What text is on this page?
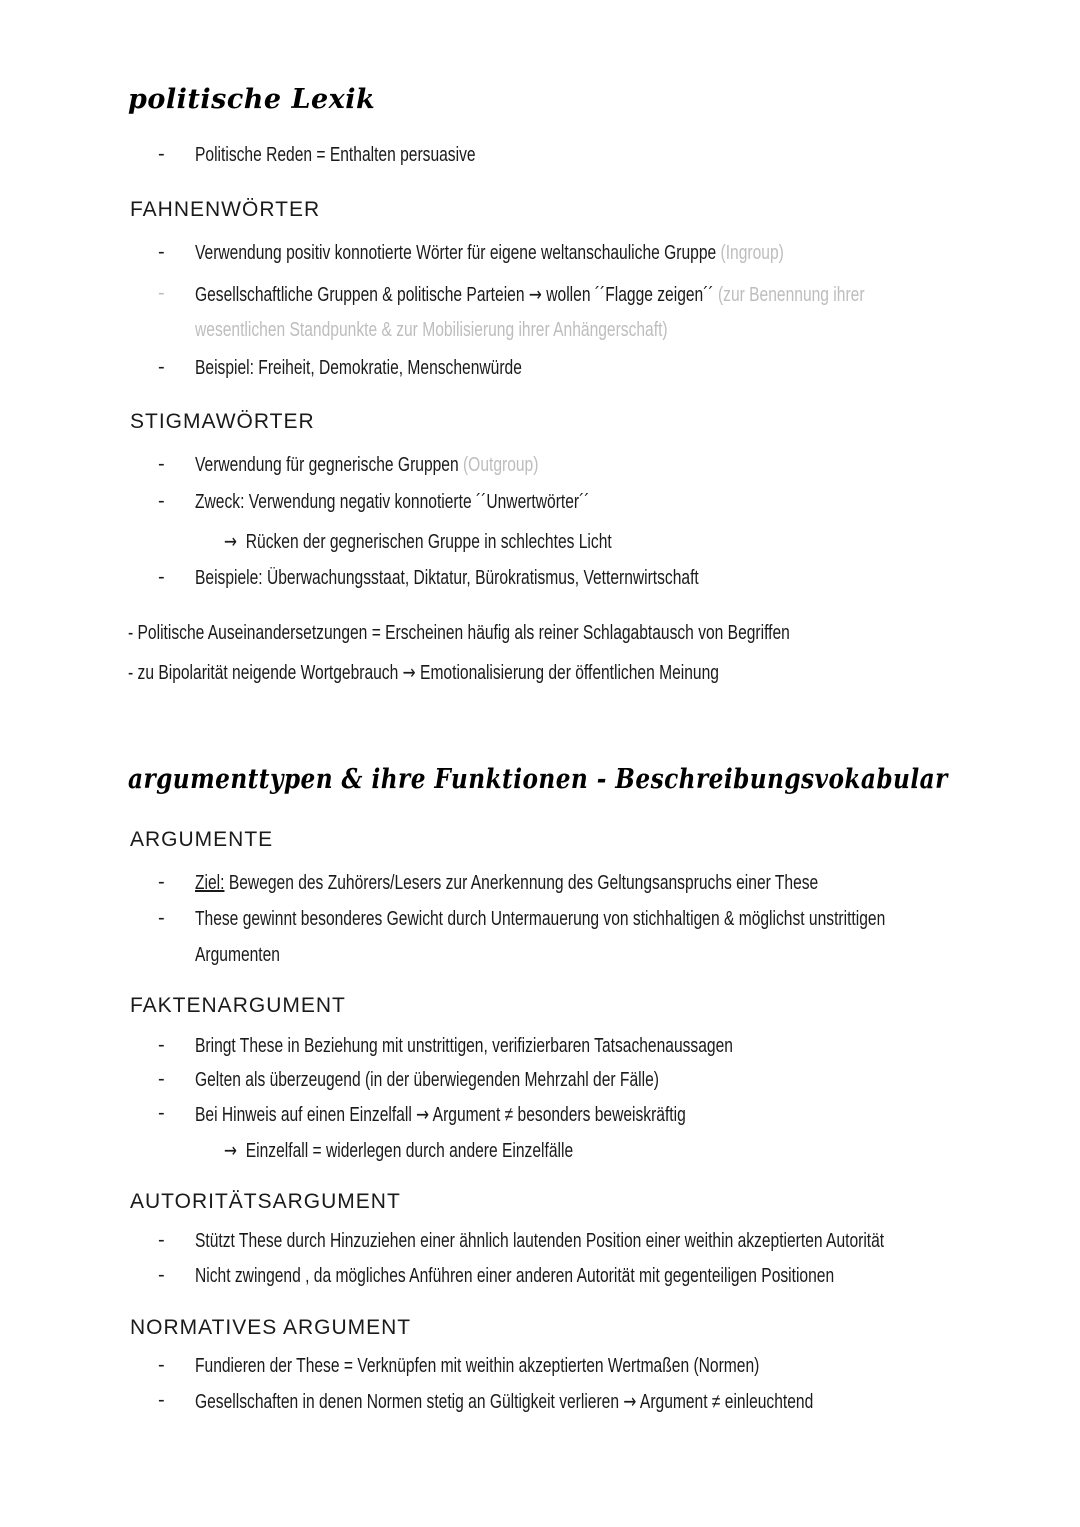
politische Lexik
- Politische Reden = Enthalten persuasive
FAHNENWÖRTER
- Verwendung positiv konnotierte Wörter für eigene weltanschauliche Gruppe (Ingroup)
- Gesellschaftliche Gruppen & politische Parteien → wollen ´´Flagge zeigen´´ (zur Benennung ihrer
wesentlichen Standpunkte & zur Mobilisierung ihrer Anhängerschaft)
- Beispiel: Freiheit, Demokratie, Menschenwürde
STIGMAWÖRTER
- Verwendung für gegnerische Gruppen (Outgroup)
- Zweck: Verwendung negativ konnotierte ´´Unwertwörter´´
→ Rücken der gegnerischen Gruppe in schlechtes Licht
- Beispiele: Überwachungsstaat, Diktatur, Bürokratismus, Vetternwirtschaft
- Politische Auseinandersetzungen = Erscheinen häufig als reiner Schlagabtausch von Begriffen
- zu Bipolarität neigende Wortgebrauch → Emotionalisierung der öffentlichen Meinung
argumenttypen & ihre Funktionen - Beschreibungsvokabular
ARGUMENTE
- Ziel: Bewegen des Zuhörers/Lesers zur Anerkennung des Geltungsanspruchs einer These
- These gewinnt besonderes Gewicht durch Untermauerung von stichhaltigen & möglichst unstrittigen
Argumenten
FAKTENARGUMENT
- Bringt These in Beziehung mit unstrittigen, verifizierbaren Tatsachenaussagen
- Gelten als überzeugend (in der überwiegenden Mehrzahl der Fälle)
- Bei Hinweis auf einen Einzelfall → Argument ≠ besonders beweiskräftig
→ Einzelfall = widerlegen durch andere Einzelfälle
AUTORITÄTSARGUMENT
- Stützt These durch Hinzuziehen einer ähnlich lautenden Position einer weithin akzeptierten Autorität
- Nicht zwingend , da mögliches Anführen einer anderen Autorität mit gegenteiligen Positionen
NORMATIVES ARGUMENT
- Fundieren der These = Verknüpfen mit weithin akzeptierten Wertmaßen (Normen)
- Gesellschaften in denen Normen stetig an Gültigkeit verlieren → Argument ≠ einleuchtend
